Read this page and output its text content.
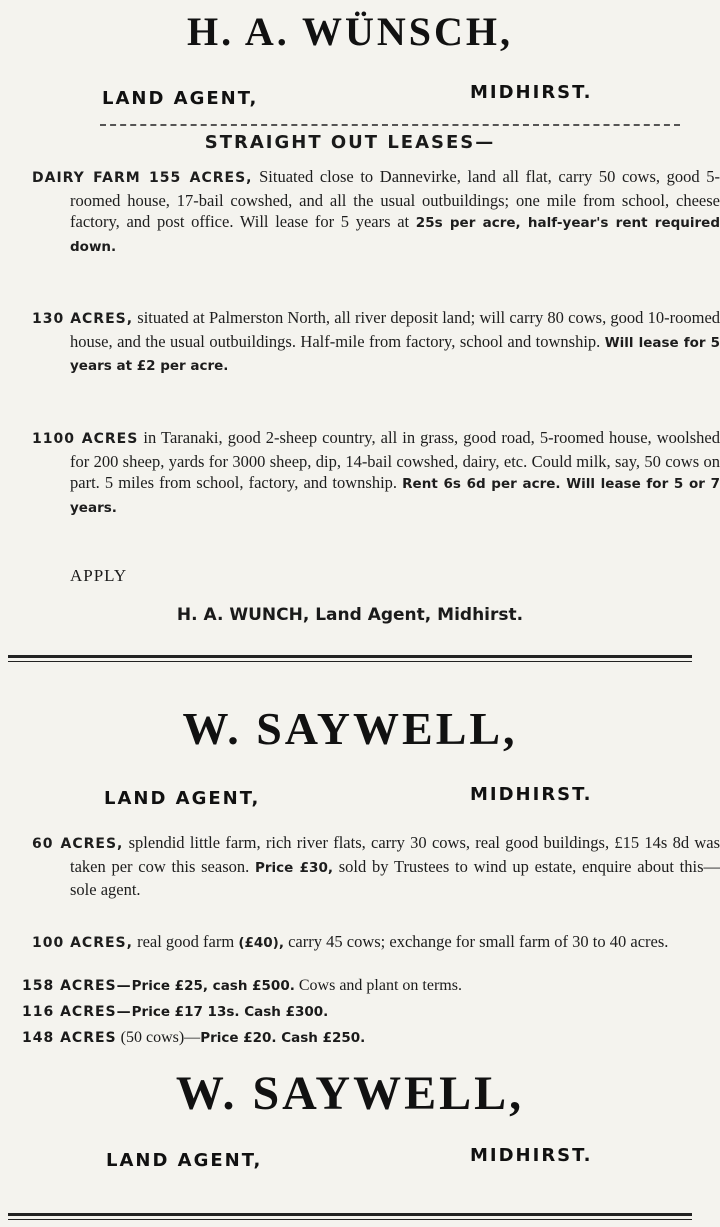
H. A. WÜNSCH,
LAND AGENT,	MIDHIRST.
STRAIGHT OUT LEASES—
DAIRY FARM 155 ACRES, Situated close to Dannevirke, land all flat, carry 50 cows, good 5-roomed house, 17-bail cowshed, and all the usual outbuildings; one mile from school, cheese factory, and post office. Will lease for 5 years at 25s per acre, half-year's rent required down.
130 ACRES, situated at Palmerston North, all river deposit land; will carry 80 cows, good 10-roomed house, and the usual outbuildings. Half-mile from factory, school and township. Will lease for 5 years at £2 per acre.
1100 ACRES in Taranaki, good 2-sheep country, all in grass, good road, 5-roomed house, woolshed for 200 sheep, yards for 3000 sheep, dip, 14-bail cowshed, dairy, etc. Could milk, say, 50 cows on part. 5 miles from school, factory, and township. Rent 6s 6d per acre. Will lease for 5 or 7 years.
APPLY
H. A. WUNCH, Land Agent, Midhirst.
W. SAYWELL,
LAND AGENT,	MIDHIRST.
60 ACRES, splendid little farm, rich river flats, carry 30 cows, real good buildings, £15 14s 8d was taken per cow this season. Price £30, sold by Trustees to wind up estate, enquire about this—sole agent.
100 ACRES, real good farm (£40), carry 45 cows; exchange for small farm of 30 to 40 acres.
158 ACRES—Price £25, cash £500. Cows and plant on terms.
116 ACRES—Price £17 13s. Cash £300.
148 ACRES (50 cows)—Price £20. Cash £250.
W. SAYWELL,
LAND AGENT,	MIDHIRST.
